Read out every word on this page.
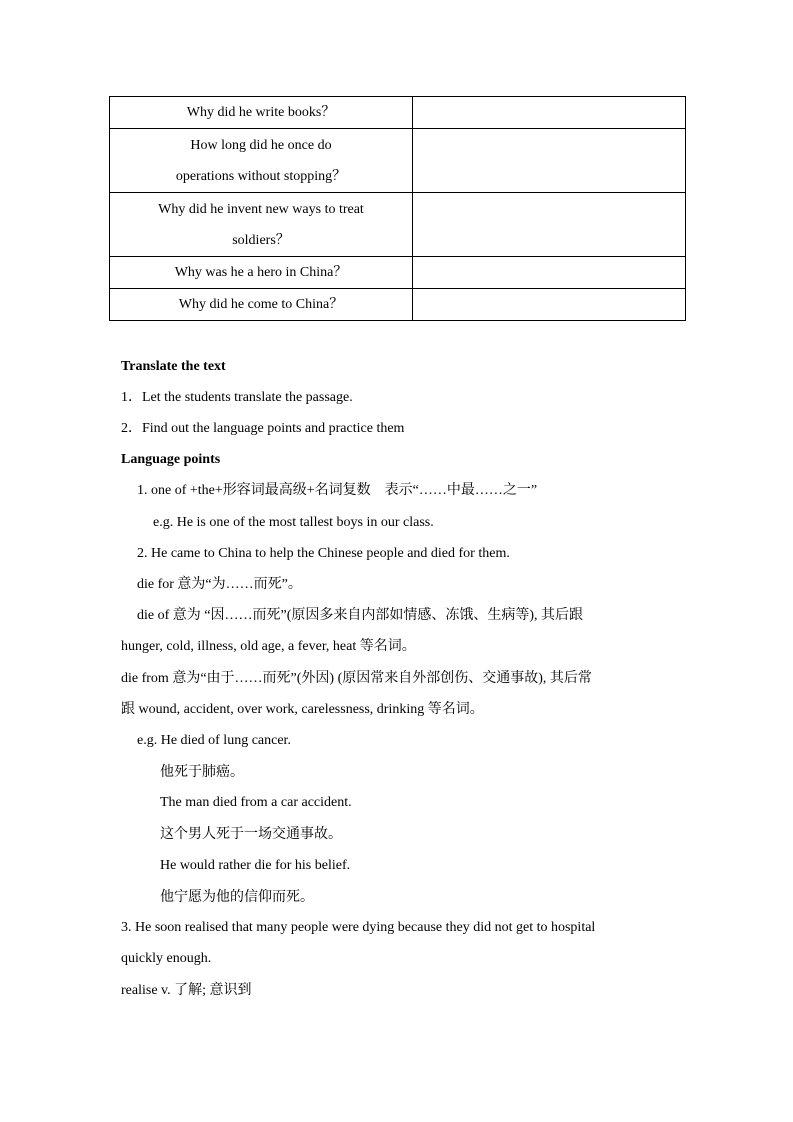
Why did he write books？	
How long did he once do
operations without stopping？	
Why did he invent new ways to treat
soldiers？	
Why was he a hero in China？	
Why did he come to China？	
Translate the text
1．Let the students translate the passage.
2．Find out the language points and practice them
Language points
1. one of +the+形容词最高级+名词复数　表示“……中最……之一”
e.g. He is one of the most tallest boys in our class.
2. He came to China to help the Chinese people and died for them.
die for 意为“为……而死”。
die of 意为 “因……而死”(原因多来自内部如情感、冻饿、生病等), 其后跟
hunger, cold, illness, old age, a fever, heat 等名词。
die from 意为“由于……而死”(外因) (原因常来自外部创伤、交通事故), 其后常
跟 wound, accident, over work, carelessness, drinking 等名词。
e.g. He died of lung cancer.
他死于肺癌。
The man died from a car accident.
这个男人死于一场交通事故。
He would rather die for his belief.
他宁愿为他的信仰而死。
3. He soon realised that many people were dying because they did not get to hospital
quickly enough.
realise v. 了解; 意识到
